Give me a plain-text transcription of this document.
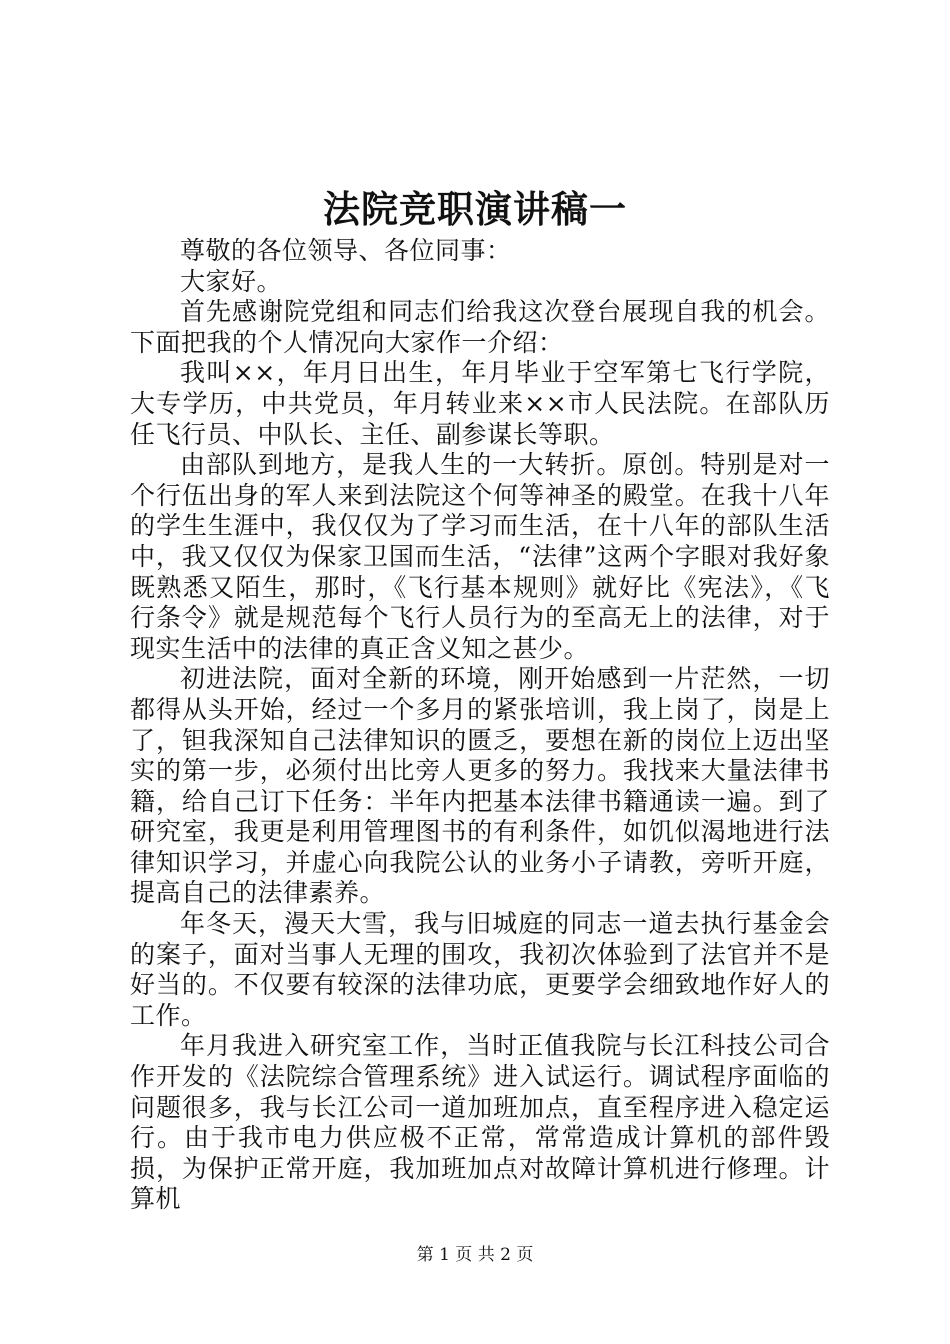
法院竞职演讲稿一

尊敬的各位领导、各位同事：

大家好。

首先感谢院党组和同志们给我这次登台展现自我的机会。下面把我的个人情况向大家作一介绍：

我叫××，年月日出生，年月毕业于空军第七飞行学院，大专学历，中共党员，年月转业来××市人民法院。在部队历任飞行员、中队长、主任、副参谋长等职。

由部队到地方，是我人生的一大转折。原创。特别是对一个行伍出身的军人来到法院这个何等神圣的殿堂。在我十八年的学生生涯中，我仅仅为了学习而生活，在十八年的部队生活中，我又仅仅为保家卫国而生活，“法律”这两个字眼对我好象既熟悉又陌生，那时，《飞行基本规则》就好比《宪法》，《飞行条令》就是规范每个飞行人员行为的至高无上的法律，对于现实生活中的法律的真正含义知之甚少。

初进法院，面对全新的环境，刚开始感到一片茫然，一切都得从头开始，经过一个多月的紧张培训，我上岗了，岗是上了，钽我深知自己法律知识的匮乏，要想在新的岗位上迈出坚实的第一步，必须付出比旁人更多的努力。我找来大量法律书籍，给自己订下任务：半年内把基本法律书籍通读一遍。到了研究室，我更是利用管理图书的有利条件，如饥似渴地进行法律知识学习，并虚心向我院公认的业务小子请教，旁听开庭，提高自己的法律素养。

年冬天，漫天大雪，我与旧城庭的同志一道去执行基金会的案子，面对当事人无理的围攻，我初次体验到了法官并不是好当的。不仅要有较深的法律功底，更要学会细致地作好人的工作。

年月我进入研究室工作，当时正值我院与长江科技公司合作开发的《法院综合管理系统》进入试运行。调试程序面临的问题很多，我与长江公司一道加班加点，直至程序进入稳定运行。由于我市电力供应极不正常，常常造成计算机的部件毁损，为保护正常开庭，我加班加点对故障计算机进行修理。计算机

第 1 页 共 2 页
